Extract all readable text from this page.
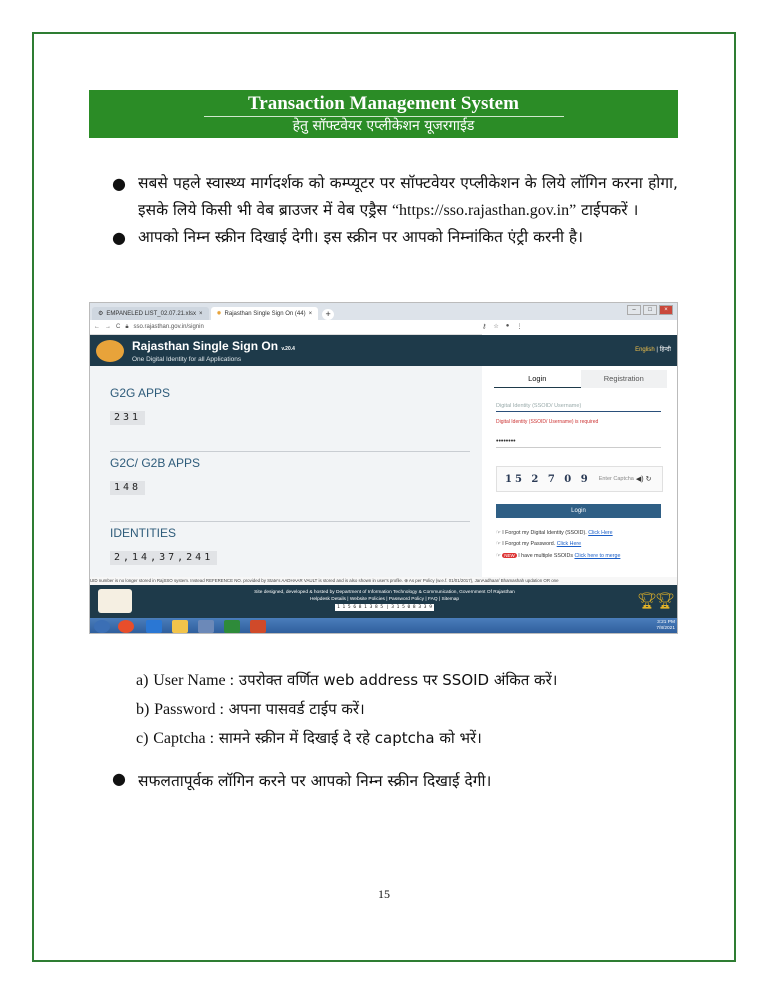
Transaction Management System
हेतु सॉफ्टवेयर एप्लीकेशन यूजरगाईड
● सबसे पहले स्वास्थ्य मार्गदर्शक को कम्प्यूटर पर सॉफ्टवेयर एप्लीकेशन के लिये लॉगिन करना होगा, इसके लिये किसी भी वेब ब्राउजर में वेब एड्रैस “https://sso.rajasthan.gov.in” टाईपकरें ।
● आपको निम्न स्क्रीन दिखाई देगी। इस स्क्रीन पर आपको निम्नांकित एंट्री करनी है।
⚙ EMPANELED LIST_02.07.21.xlsx × ✹ Rajasthan Single Sign On (44) ×	+	–	□	×
← → C 🔒︎ sso.rajasthan.gov.in/signin	⚷ ☆ ● ⋮
Rajasthan Single Sign On v.20.4
One Digital Identity for all Applications
English | हिन्दी
G2G APPS
231
G2C/ G2B APPS
148
IDENTITIES
2,14,37,241
Login	Registration
Digital Identity (SSOID/ Username)
Digital Identity (SSOID/ Username) is required
••••••••
15 2 7 0 9 Enter Captcha ◀) ↻
Login
☞ I Forgot my Digital Identity (SSOID). Click Here
☞ I Forgot my Password. Click Here
☞ NEW I have multiple SSOIDs Click here to merge
UID number is no longer stored in RajSSO system. Instead REFERENCE NO. provided by State's AADHAAR VAULT is stored and is also shown in user's profile. ⊕ As per Policy (w.e.f. 01/01/2017), JanAadhaar/ Bhamashah updation OR one
Site designed, developed & hosted by Department of Information Technology & Communication, Government Of Rajasthan
Helpdesk Details | Website Policies | Password Policy | FAQ | Sitemap
1 1 5 6 8 1 3 8 5 | 3 1 5 0 8 3 3 9	🏆︎
🏆︎
3:21 PM
7/8/2021
a) User Name : उपरोक्त वर्णित web address पर SSOID अंकित करें।
b) Password : अपना पासवर्ड टाईप करें।
c) Captcha : सामने स्क्रीन में दिखाई दे रहे captcha को भरें।
● सफलतापूर्वक लॉगिन करने पर आपको निम्न स्क्रीन दिखाई देगी।
15
